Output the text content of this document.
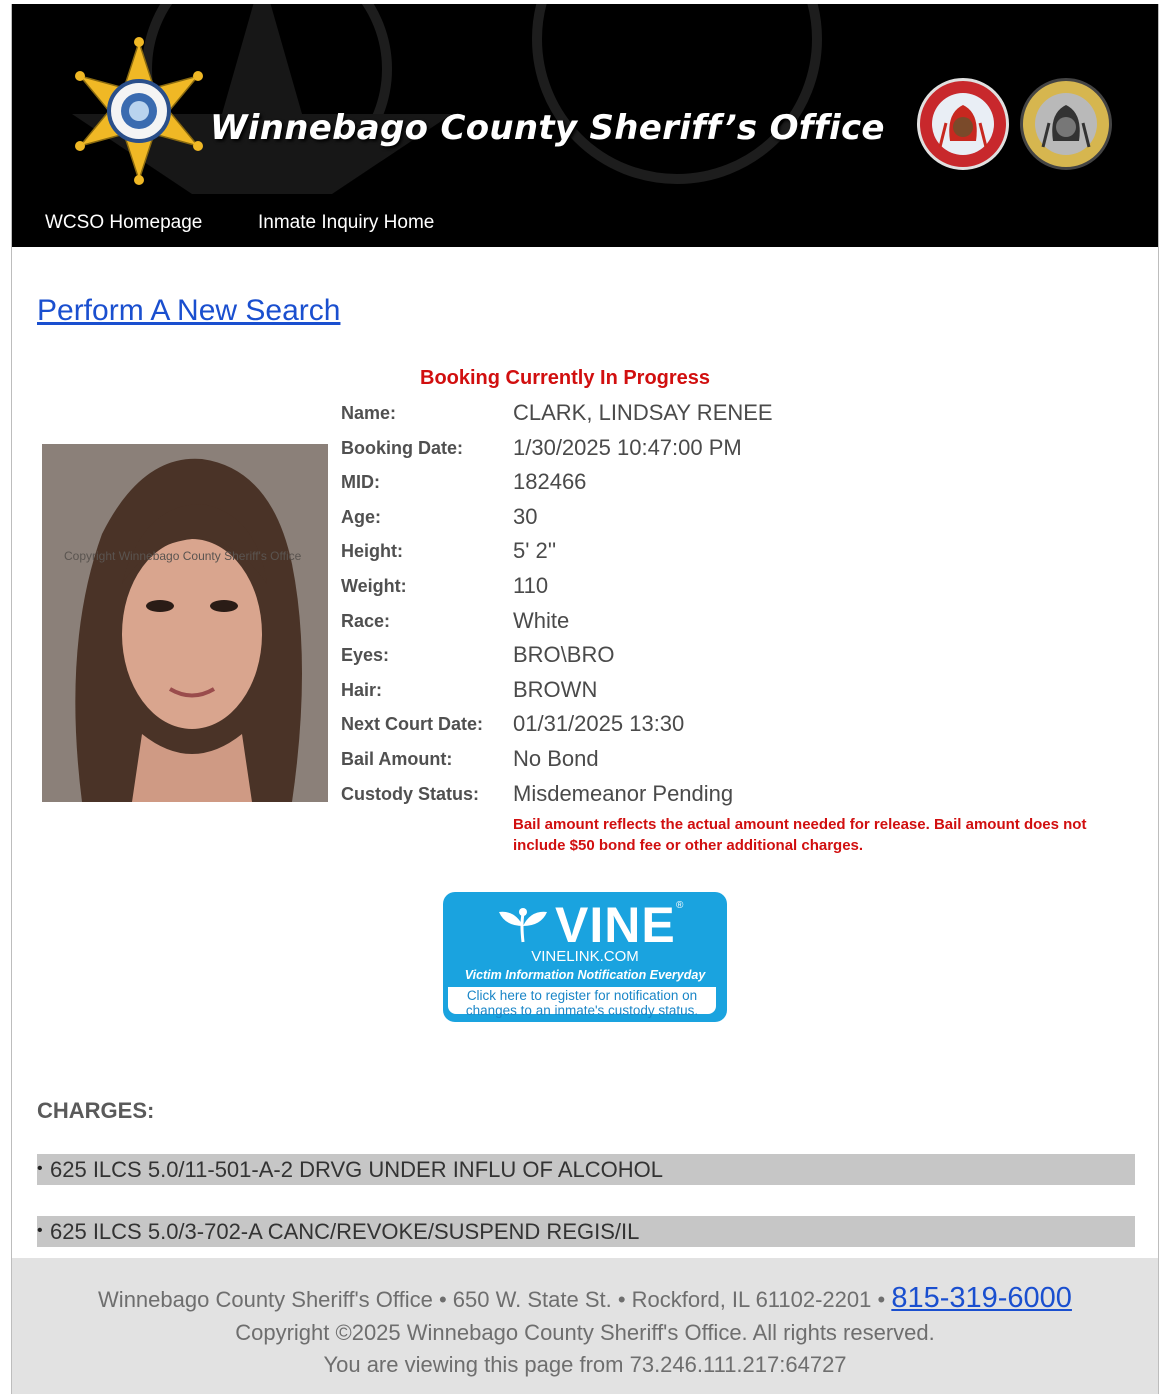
Winnebago County Sheriff’s Office
WCSO Homepage	Inmate Inquiry Home
Perform A New Search
Booking Currently In Progress
Copyright Winnebago County Sheriff's Office
Name:	CLARK, LINDSAY RENEE
Booking Date: 1/30/2025 10:47:00 PM
MID:	182466
Age:	30
Height:	5' 2''
Weight:	110
Race:	White
Eyes:	BRO\BRO
Hair:	BROWN
Next Court Date: 01/31/2025 13:30
Bail Amount:	No Bond
Custody Status: Misdemeanor Pending
Bail amount reflects the actual amount needed for release. Bail amount does not include $50 bond fee or other additional charges.
VINE ®
VINELINK.COM
Victim Information Notification Everyday
Click here to register for notification on
changes to an inmate's custody status.
CHARGES:
• 625 ILCS 5.0/11-501-A-2 DRVG UNDER INFLU OF ALCOHOL
• 625 ILCS 5.0/3-702-A CANC/REVOKE/SUSPEND REGIS/IL
Winnebago County Sheriff's Office • 650 W. State St. • Rockford, IL 61102-2201 • 815-319-6000
Copyright ©2025 Winnebago County Sheriff's Office. All rights reserved.
You are viewing this page from 73.246.111.217:64727
